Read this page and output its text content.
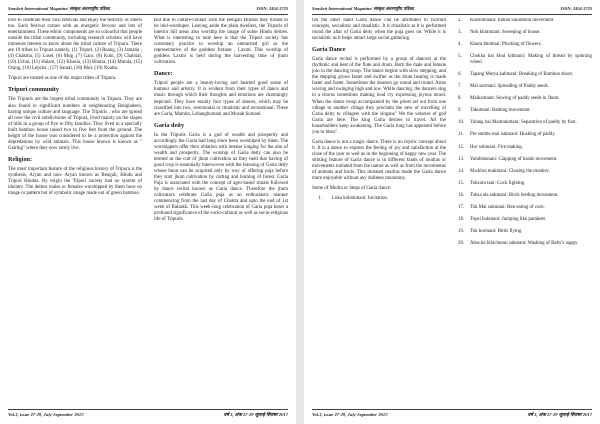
Sanskrit International Magazine/ संस्कृत अंतरराष्ट्रीय पत्रिका	ISSN: 2454-2725

love to celebrate their own festivals and enjoy the festivity of others too. Each festival comes with an energetic fervour and lots of entertainment. These ethnic components are so colourful that people outside the tribal community, including research scholars will have immense interest to know about the tribal culture of Tripura. There are 19 tribes in Tripura namely, (1) Tripuri, (2) Reang, (3) Jamatia ,(4) Chakma, (5) Lusei, (6) Mog ,(7) Garo, (8) Kuki, (9) Chaimal, (10) Uchai, (11) Halam, (12) Khasia, (13) Bhutia, (14) Munda, (15) Orang, (16) Lepcha , (17) Santal, (18) Bhil, (19) Noatia.

Tripuri are treated as one of the major tribes of Tripura.

Tripuri community

The Tripuris are the largest tribal community in Tripura. They are also found in significant numbers in neighbouring Bangladesh, having unique culture and language. The Tripuris , who are spread all over the civil subdivisions of Tripura, lived mainly on the slopes of hills in a group of five to fifty families. They lived in a specially built bamboo house raised two to five feet from the ground. The height of the house was considered to be a protection against the depredations by wild animals. This house known is known as " Gairing" where they now rarely live.

Religion:

The most important feature of the religious history of Tripura is the synthesis, Aryan and non- Aryan known as Bengali, Hindu and Tripuri Hindus. By origin the Tripuri society had no system of idolatry. The deities males or females worshipped by them have no image or pattern but of symbolic image made out of green bamboo.

But due to culture-contact with the Bengali Hindus they turned to be idol-worshiper. Leaving aside the plain dwellers, the Tripuris of interior hill areas also worship the image of some Hindu deities. What is interesting to note here is that the Tripuri society has customary practice to worship an unmarried girl as the representative of the goddess fortune , Laxmi. This worship of goddess Laxmi is held during the harvesting time of jhum cultivation.

Dance:

Tripuri people are a beauty-loving and hearted good sense of humour and artistry. It is evident from their types of dance and music through which their thoughts and emotions are charmingly depicted. They have mainly four types of dances, which may be classified into two, ceremonial or ritualistic and recreational. These are Garia, Mamita, Lebangbumani and Mosak Sumani.

Garia deity

In the Tripuris Garia is a god of wealth and prosperity and accordingly the Garia had long since been worshiped by them. The worshippers offer their oblation with intense longing for the aim of wealth and prosperity. The worship of Garia deity can also be termed as the cult of jhum cultivation as they held that having of good crop is essentially interwoven with the blessing of Garia deity whose boon can be acquired only by way of offering puja before they start jhum cultivation by cutting and burning of forest. Garia Puja is associated with the concept of agro-based rituals followed by dance recital known as Garia dance. Therefore the jhum cultivators celebrate Garia puja as an enthusiastic manner commencing from the last day of Chaitra and upto the end of 1st week of Baisakh. This week-long celebration of Garia puja bears a profound significance of the socio-cultural as well as socio-religious life of Tripuris.

Vol.3, issue 27-29, July-September 2017.	वर्ष 3, अंक 27-29 जुलाई-सितंबर 2017
Sanskrit International Magazine/ संस्कृत अंतरराष्ट्रीय पत्रिका	ISSN: 2454-2725

On the other hand Garia dance can be attributed to twofold concepts, socialistic and ritualistic. It is ritualistic as it is performed round the altar of Garia deity when the puja goes on. While it is socialistic as it helps attract large social gathering.

Garia Dance

Garia dance recital is performed by a group of dancers at the rhythmic and beat of the flute and drum. Both the male and female join in the dancing troop. The dance begins with slow stepping, and the stepping grows faster and swifter as the drum beating is made faster and faster. Sometimes the dancers go round and round. Arms waving and swinging high and low. While dancing, the dancers sing in a chorus sometimes making loud cry expressing joyous mood. When the dance troop accompanied by the priest set out from one village to another village they proclaim the new of travelling of Garia deity to villagers with the slogans" We the votaries of god Garia are here. The king Garia desires to travel. All the householders keep awakening. The Garia long has appeared before you to bless".

Garia dance is not a magic dance. There is no mystic concept about it. It is a dance to express the feeling of joy and satisfaction at the close of the year as well as in the beginning of happy new year. The striking feature of Garia dance is in different kinds of mudras or movements initiated from the nature as well as from the movements of animals and birds. This imitated mudras made the Garia dance more enjoyable without any dullness monotony.

Some of Mudra or Steps of Garia dance:

1.	Loka kobokmani: Invitation.
2.	Khoshmanni: Indian Salutation movement.
3.	Nok khimmani: Sweeping of house.
4.	Khum kholmai: Plucking of flowers.
5.	Chokha bai khul kibmani: Making of thread by spinning wheel.
6.	Tapang Mutya kabmani: Breaking of Bamboo shoot.
7.	Mai surmani: Spreading of Paddy seeds.
8.	Maikaimani: Sowing of paddy seeds in Jhum.
9.	Takumani: Bathing movement.
10.	Yalang bai Maimukmani: Separation of paddy by foot.
11.	Pre sumbo mai sukmani: Husking of paddy.
12.	Hor sobmani: Fire making.
13.	Yalubmanani: Clapping of hands movement.
14.	Mwkhra mukmani: Chasing the monkey.
15.	Toksuru tani: Cock fighting.
16.	Toksa ala sukmani: Birds feeding movement.
17.	Tok Mai sukmani: Hen eating of corn.
18.	Topsi bubmani: Jumping like parakeet.
19.	Tok bormani: Birds flying.
20.	Abocini Khichumu sabmani: Washing of Baby's nappy.
Vol.3, issue 27-29, July-September 2017.	वर्ष 3, अंक 27-29 जुलाई-सितंबर 2017
